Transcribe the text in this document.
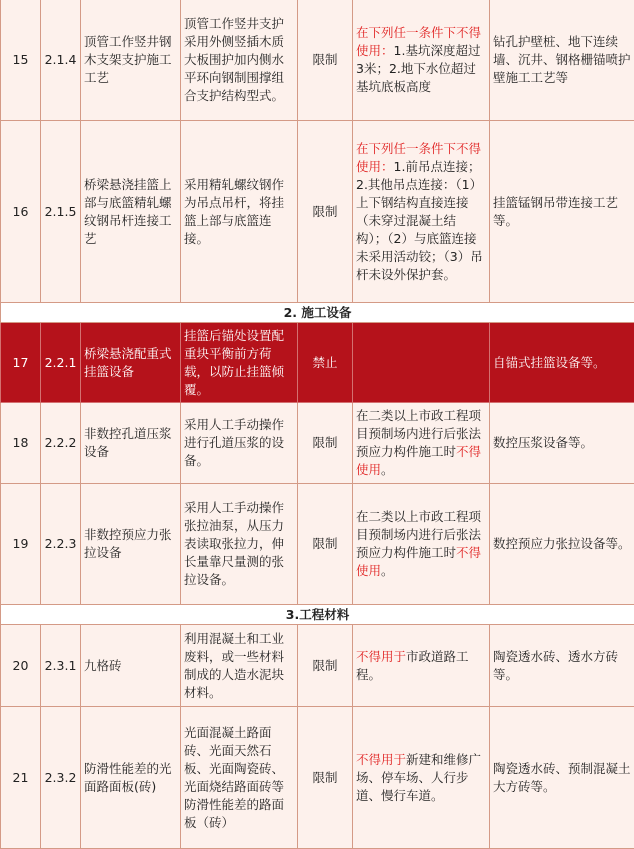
15	2.1.4	顶管工作竖井钢木支架支护施工工艺	顶管工作竖井支护采用外侧竖插木质大板围护加内侧水平环向钢制围撑组合支护结构型式。	限制	在下列任一条件下不得使用：1.基坑深度超过3米；2.地下水位超过基坑底板高度	钻孔护壁桩、地下连续墙、沉井、钢格栅锚喷护壁施工工艺等
16	2.1.5	桥梁悬浇挂篮上部与底篮精轧螺纹钢吊杆连接工艺	采用精轧螺纹钢作为吊点吊杆，将挂篮上部与底篮连接。	限制	在下列任一条件下不得使用：1.前吊点连接；2.其他吊点连接：（1）上下钢结构直接连接（未穿过混凝土结构）；（2）与底篮连接未采用活动铰；（3）吊杆未设外保护套。	挂篮锰钢吊带连接工艺等。
2. 施工设备						
17	2.2.1	桥梁悬浇配重式挂篮设备	挂篮后锚处设置配重块平衡前方荷载，以防止挂篮倾覆。	禁止		自锚式挂篮设备等。
18	2.2.2	非数控孔道压浆设备	采用人工手动操作进行孔道压浆的设备。	限制	在二类以上市政工程项目预制场内进行后张法预应力构件施工时不得使用。	数控压浆设备等。
19	2.2.3	非数控预应力张拉设备	采用人工手动操作张拉油泵，从压力表读取张拉力，伸长量靠尺量测的张拉设备。	限制	在二类以上市政工程项目预制场内进行后张法预应力构件施工时不得使用。	数控预应力张拉设备等。
3.工程材料						
20	2.3.1	九格砖	利用混凝土和工业废料，或一些材料制成的人造水泥块材料。	限制	不得用于市政道路工程。	陶瓷透水砖、透水方砖等。
21	2.3.2	防滑性能差的光面路面板(砖)	光面混凝土路面砖、光面天然石板、光面陶瓷砖、光面烧结路面砖等防滑性能差的路面板（砖）	限制	不得用于新建和维修广场、停车场、人行步道、慢行车道。	陶瓷透水砖、预制混凝土大方砖等。
